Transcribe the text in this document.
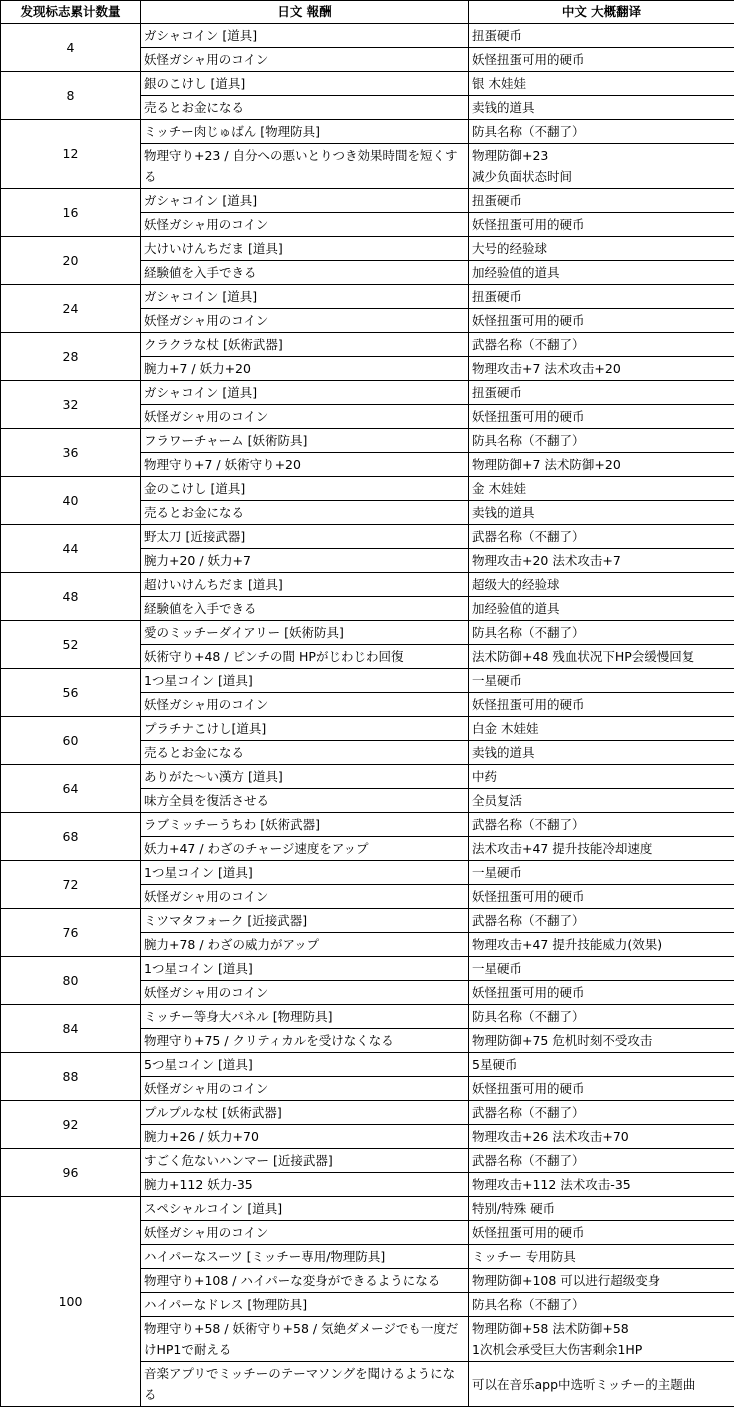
发现标志累计数量	日文 報酬	中文 大概翻译
4	ガシャコイン [道具]	扭蛋硬币
	妖怪ガシャ用のコイン	妖怪扭蛋可用的硬币
8	銀のこけし [道具]	银 木娃娃
	売るとお金になる	卖钱的道具
12	ミッチー肉じゅばん [物理防具]	防具名称（不翻了）
	物理守り+23 / 自分への悪いとりつき効果時間を短くする	物理防御+23
减少负面状态时间
16	ガシャコイン [道具]	扭蛋硬币
	妖怪ガシャ用のコイン	妖怪扭蛋可用的硬币
20	大けいけんちだま [道具]	大号的经验球
	経験値を入手できる	加经验值的道具
24	ガシャコイン [道具]	扭蛋硬币
	妖怪ガシャ用のコイン	妖怪扭蛋可用的硬币
28	クラクラな杖 [妖術武器]	武器名称（不翻了）
	腕力+7 / 妖力+20	物理攻击+7 法术攻击+20
32	ガシャコイン [道具]	扭蛋硬币
	妖怪ガシャ用のコイン	妖怪扭蛋可用的硬币
36	フラワーチャーム [妖術防具]	防具名称（不翻了）
	物理守り+7 / 妖術守り+20	物理防御+7 法术防御+20
40	金のこけし [道具]	金 木娃娃
	売るとお金になる	卖钱的道具
44	野太刀 [近接武器]	武器名称（不翻了）
	腕力+20 / 妖力+7	物理攻击+20 法术攻击+7
48	超けいけんちだま [道具]	超级大的经验球
	経験値を入手できる	加经验值的道具
52	愛のミッチーダイアリー [妖術防具]	防具名称（不翻了）
	妖術守り+48 / ピンチの間 HPがじわじわ回復	法术防御+48 残血状况下HP会缓慢回复
56	1つ星コイン [道具]	一星硬币
	妖怪ガシャ用のコイン	妖怪扭蛋可用的硬币
60	プラチナこけし[道具]	白金 木娃娃
	売るとお金になる	卖钱的道具
64	ありがた～い漢方 [道具]	中药
	味方全員を復活させる	全员复活
68	ラブミッチーうちわ [妖術武器]	武器名称（不翻了）
	妖力+47 / わざのチャージ速度をアップ	法术攻击+47 提升技能冷却速度
72	1つ星コイン [道具]	一星硬币
	妖怪ガシャ用のコイン	妖怪扭蛋可用的硬币
76	ミツマタフォーク [近接武器]	武器名称（不翻了）
	腕力+78 / わざの威力がアップ	物理攻击+47 提升技能威力(效果)
80	1つ星コイン [道具]	一星硬币
	妖怪ガシャ用のコイン	妖怪扭蛋可用的硬币
84	ミッチー等身大パネル [物理防具]	防具名称（不翻了）
	物理守り+75 / クリティカルを受けなくなる	物理防御+75 危机时刻不受攻击
88	5つ星コイン [道具]	5星硬币
	妖怪ガシャ用のコイン	妖怪扭蛋可用的硬币
92	プルプルな杖 [妖術武器]	武器名称（不翻了）
	腕力+26 / 妖力+70	物理攻击+26 法术攻击+70
96	すごく危ないハンマー [近接武器]	武器名称（不翻了）
	腕力+112 妖力-35	物理攻击+112 法术攻击-35
100	スペシャルコイン [道具]	特别/特殊 硬币
	妖怪ガシャ用のコイン	妖怪扭蛋可用的硬币
	ハイパーなスーツ [ミッチー専用/物理防具]	ミッチー 专用防具
	物理守り+108 / ハイパーな変身ができるようになる	物理防御+108 可以进行超级变身
	ハイパーなドレス [物理防具]	防具名称（不翻了）
	物理守り+58 / 妖術守り+58 / 気絶ダメージでも一度だけHP1で耐える	物理防御+58 法术防御+58
1次机会承受巨大伤害剩余1HP
	音楽アプリでミッチーのテーマソングを聞けるようになる	可以在音乐app中选听ミッチー的主题曲
